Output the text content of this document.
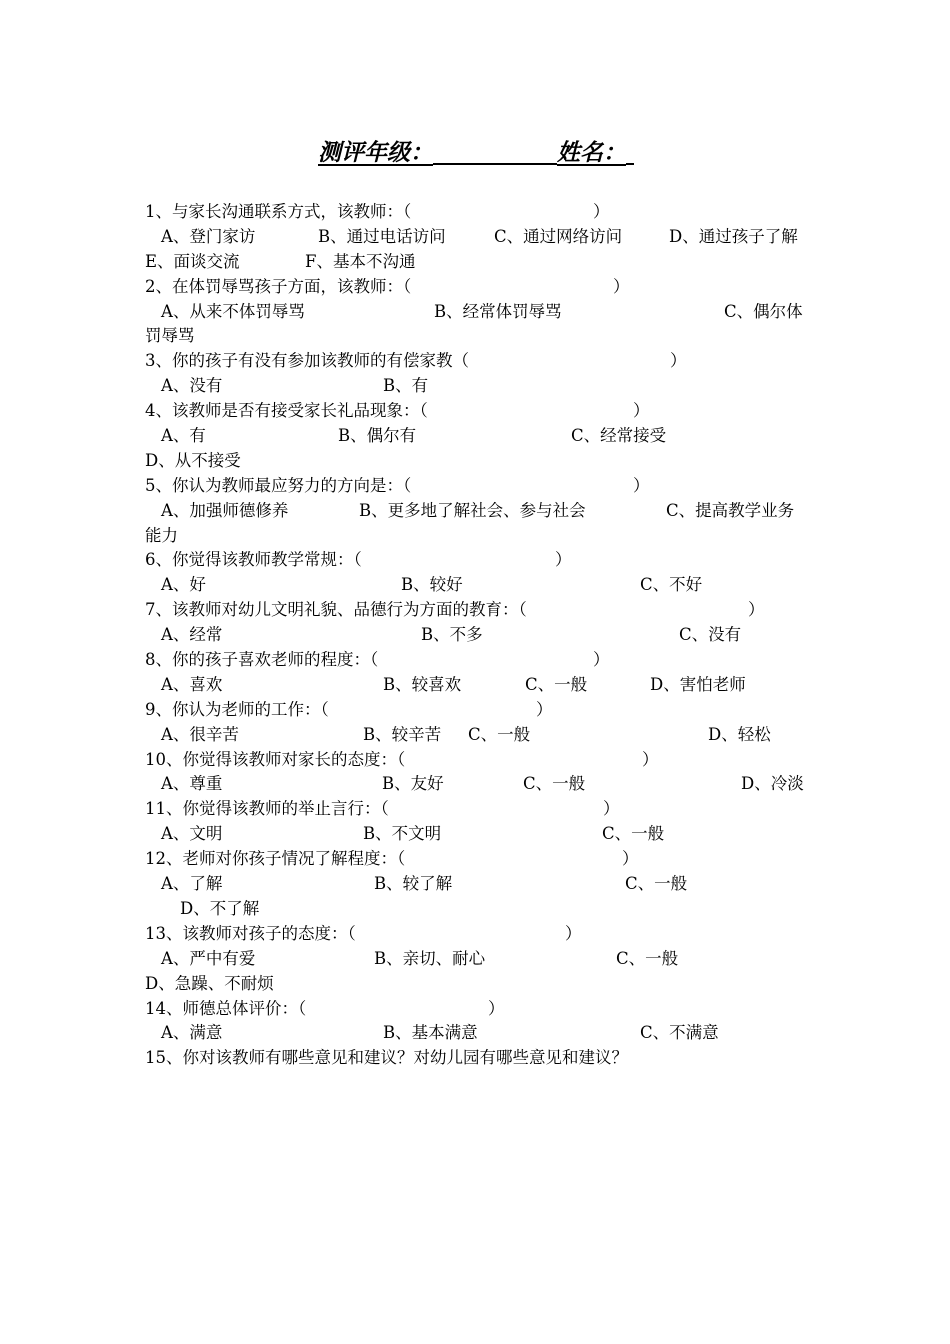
测评年级：	姓名：
1、与家长沟通联系方式，该教师：（	）
A、登门家访	B、通过电话访问	C、通过网络访问	D、通过孩子了解
E、面谈交流	F、基本不沟通
2、在体罚辱骂孩子方面，该教师：（	）
A、从来不体罚辱骂	B、经常体罚辱骂	C、偶尔体
罚辱骂
3、你的孩子有没有参加该教师的有偿家教（	）
A、没有	B、有
4、该教师是否有接受家长礼品现象：（	）
A、有	B、偶尔有	C、经常接受
D、从不接受
5、你认为教师最应努力的方向是：（	）
A、加强师德修养	B、更多地了解社会、参与社会	C、提高教学业务
能力
6、你觉得该教师教学常规：（	）
A、好	B、较好	C、不好
7、该教师对幼儿文明礼貌、品德行为方面的教育：（	）
A、经常	B、不多	C、没有
8、你的孩子喜欢老师的程度：（	）
A、喜欢	B、较喜欢	C、一般	D、害怕老师
9、你认为老师的工作：（	）
A、很辛苦	B、较辛苦 C、一般	D、轻松
10、你觉得该教师对家长的态度：（	）
A、尊重	B、友好	C、一般	D、冷淡
11、你觉得该教师的举止言行：（	）
A、文明	B、不文明	C、一般
12、老师对你孩子情况了解程度：（	）
A、了解	B、较了解	C、一般
D、不了解
13、该教师对孩子的态度：（	）
A、严中有爱	B、亲切、耐心	C、一般
D、急躁、不耐烦
14、师德总体评价：（	）
A、满意	B、基本满意	C、不满意
15、你对该教师有哪些意见和建议？对幼儿园有哪些意见和建议？
